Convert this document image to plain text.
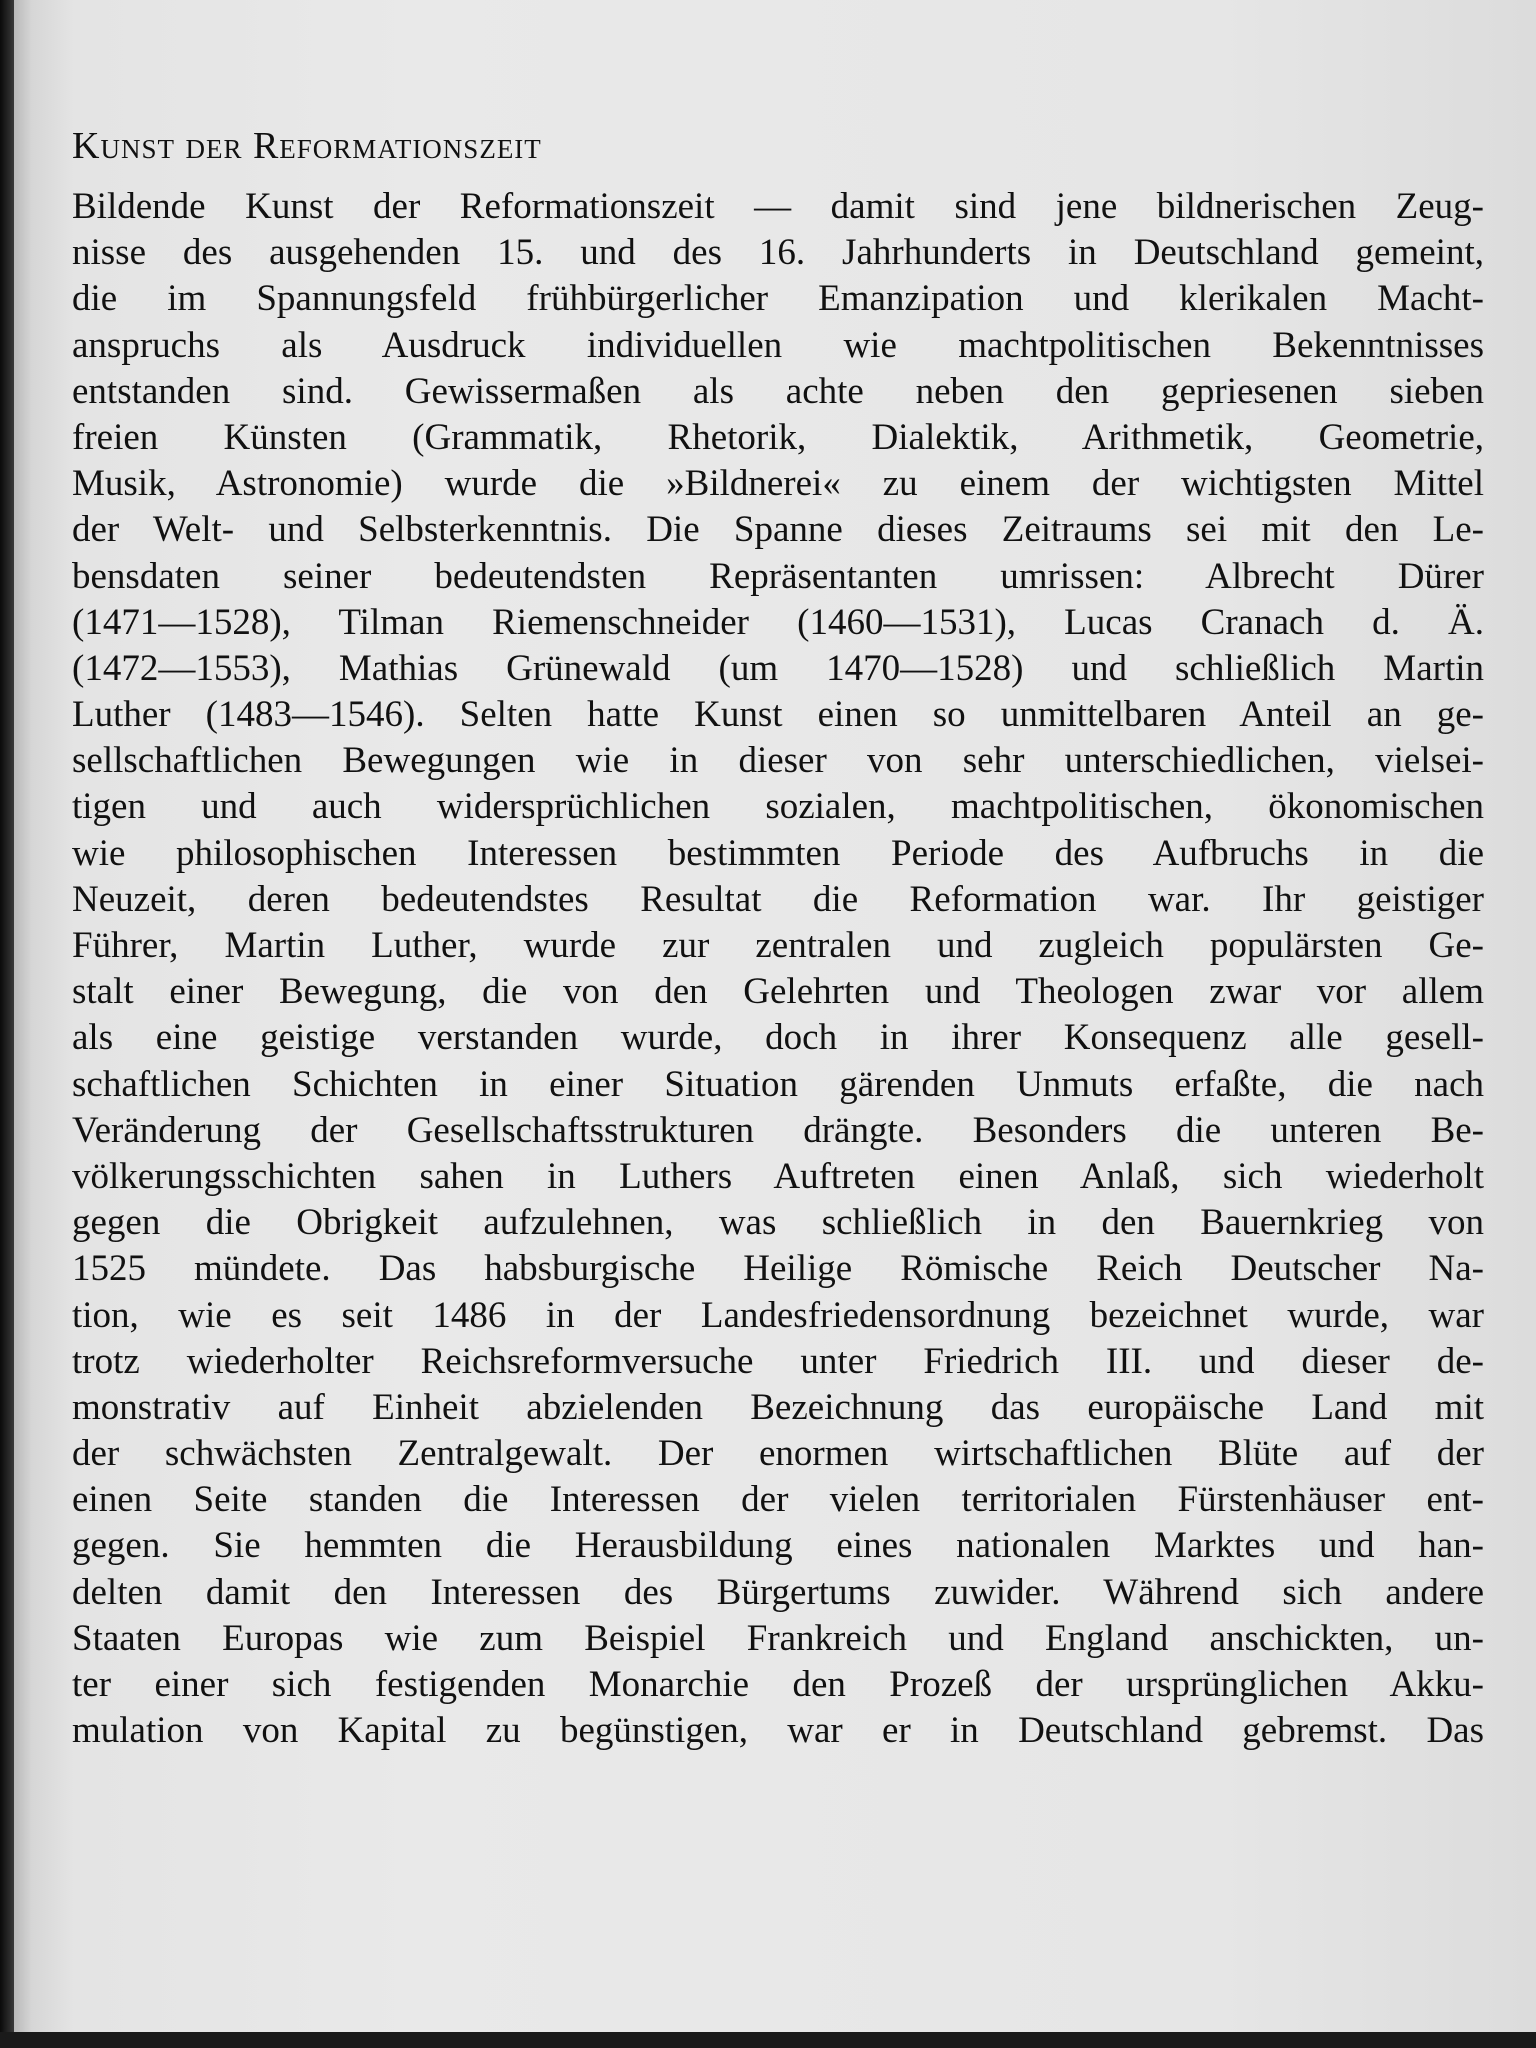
Kunst der Reformationszeit
Bildende Kunst der Reformationszeit — damit sind jene bildnerischen Zeug-
nisse des ausgehenden 15. und des 16. Jahrhunderts in Deutschland gemeint,
die im Spannungsfeld frühbürgerlicher Emanzipation und klerikalen Macht-
anspruchs als Ausdruck individuellen wie machtpolitischen Bekenntnisses
entstanden sind. Gewissermaßen als achte neben den gepriesenen sieben
freien Künsten (Grammatik, Rhetorik, Dialektik, Arithmetik, Geometrie,
Musik, Astronomie) wurde die »Bildnerei« zu einem der wichtigsten Mittel
der Welt- und Selbsterkenntnis. Die Spanne dieses Zeitraums sei mit den Le-
bensdaten seiner bedeutendsten Repräsentanten umrissen: Albrecht Dürer
(1471—1528), Tilman Riemenschneider (1460—1531), Lucas Cranach d. Ä.
(1472—1553), Mathias Grünewald (um 1470—1528) und schließlich Martin
Luther (1483—1546). Selten hatte Kunst einen so unmittelbaren Anteil an ge-
sellschaftlichen Bewegungen wie in dieser von sehr unterschiedlichen, vielsei-
tigen und auch widersprüchlichen sozialen, machtpolitischen, ökonomischen
wie philosophischen Interessen bestimmten Periode des Aufbruchs in die
Neuzeit, deren bedeutendstes Resultat die Reformation war. Ihr geistiger
Führer, Martin Luther, wurde zur zentralen und zugleich populärsten Ge-
stalt einer Bewegung, die von den Gelehrten und Theologen zwar vor allem
als eine geistige verstanden wurde, doch in ihrer Konsequenz alle gesell-
schaftlichen Schichten in einer Situation gärenden Unmuts erfaßte, die nach
Veränderung der Gesellschaftsstrukturen drängte. Besonders die unteren Be-
völkerungsschichten sahen in Luthers Auftreten einen Anlaß, sich wiederholt
gegen die Obrigkeit aufzulehnen, was schließlich in den Bauernkrieg von
1525 mündete. Das habsburgische Heilige Römische Reich Deutscher Na-
tion, wie es seit 1486 in der Landesfriedensordnung bezeichnet wurde, war
trotz wiederholter Reichsreformversuche unter Friedrich III. und dieser de-
monstrativ auf Einheit abzielenden Bezeichnung das europäische Land mit
der schwächsten Zentralgewalt. Der enormen wirtschaftlichen Blüte auf der
einen Seite standen die Interessen der vielen territorialen Fürstenhäuser ent-
gegen. Sie hemmten die Herausbildung eines nationalen Marktes und han-
delten damit den Interessen des Bürgertums zuwider. Während sich andere
Staaten Europas wie zum Beispiel Frankreich und England anschickten, un-
ter einer sich festigenden Monarchie den Prozeß der ursprünglichen Akku-
mulation von Kapital zu begünstigen, war er in Deutschland gebremst. Das
